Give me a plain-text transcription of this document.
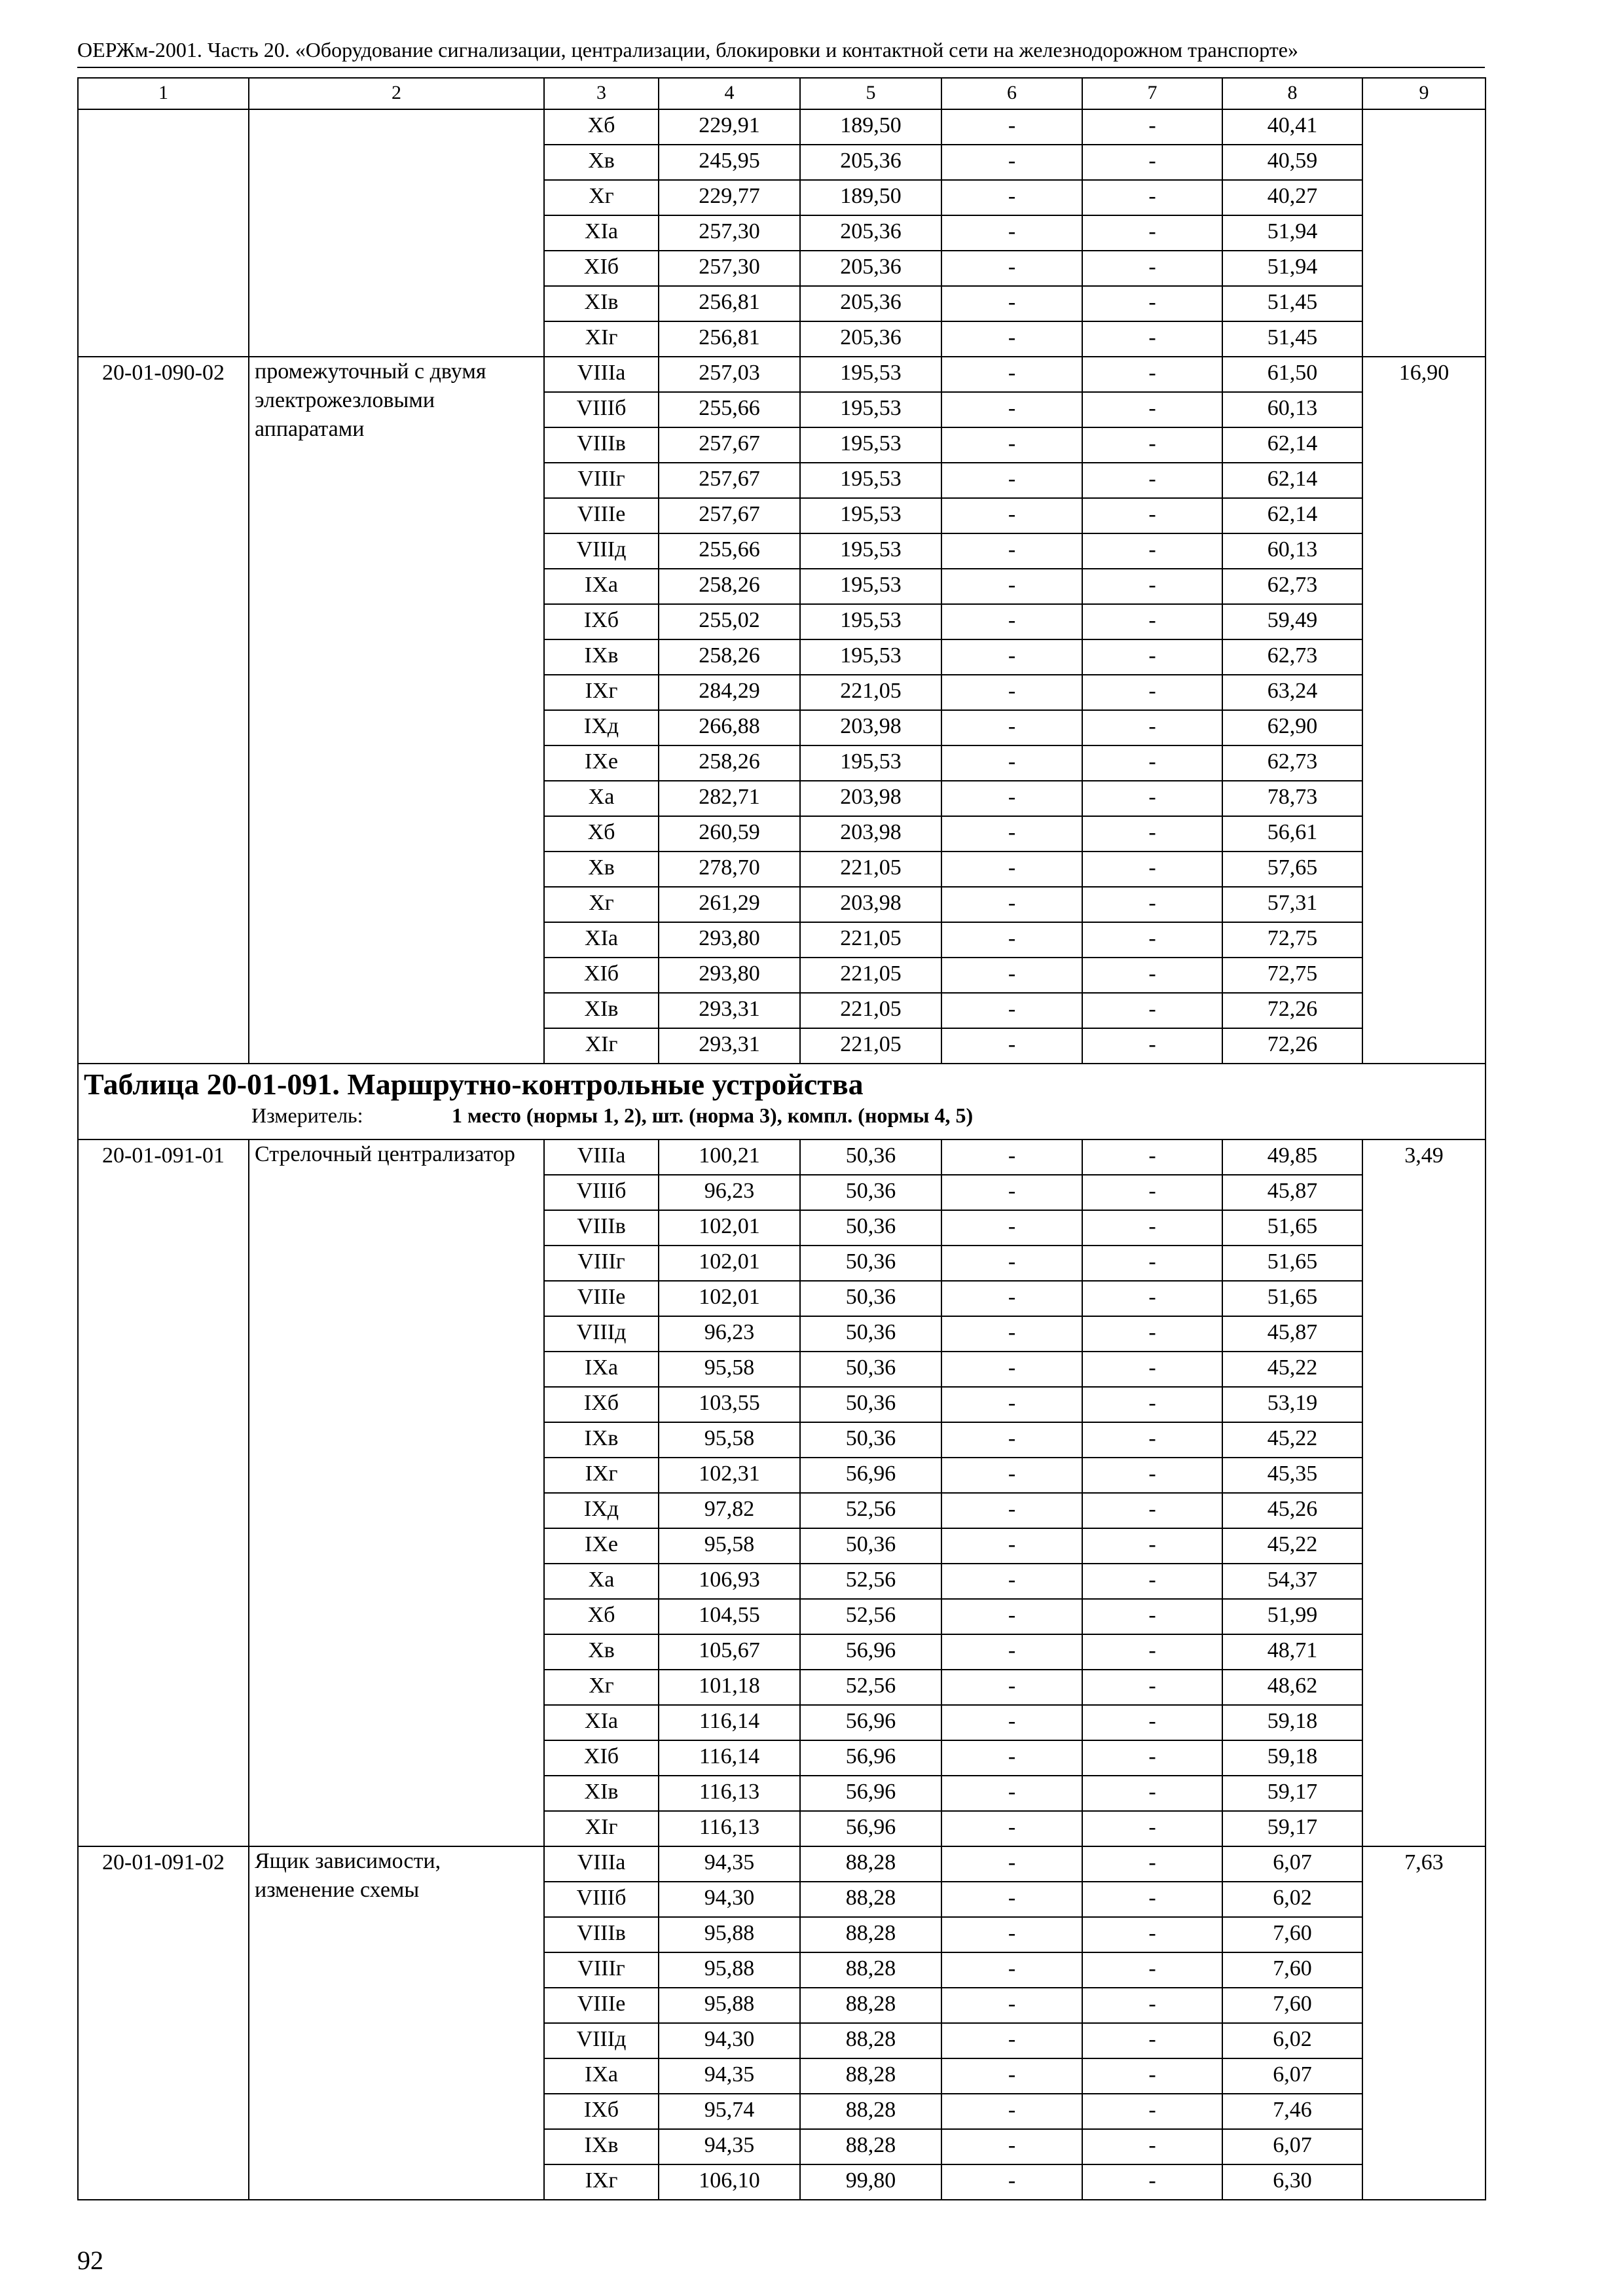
ОЕРЖм-2001. Часть 20. «Оборудование сигнализации, централизации, блокировки и контактной сети на железнодорожном транспорте»
1	2	3	4	5	6	7	8	9
		Хб	229,91	189,50	-	-	40,41	
		Хв	245,95	205,36	-	-	40,59	
		Хг	229,77	189,50	-	-	40,27	
		ХIа	257,30	205,36	-	-	51,94	
		ХIб	257,30	205,36	-	-	51,94	
		ХIв	256,81	205,36	-	-	51,45	
		ХIг	256,81	205,36	-	-	51,45	
20-01-090-02	промежуточный с двумя электрожезловыми аппаратами	VIIIа	257,03	195,53	-	-	61,50	16,90
		VIIIб	255,66	195,53	-	-	60,13	
		VIIIв	257,67	195,53	-	-	62,14	
		VIIIг	257,67	195,53	-	-	62,14	
		VIIIе	257,67	195,53	-	-	62,14	
		VIIIд	255,66	195,53	-	-	60,13	
		IХа	258,26	195,53	-	-	62,73	
		IХб	255,02	195,53	-	-	59,49	
		IХв	258,26	195,53	-	-	62,73	
		IХг	284,29	221,05	-	-	63,24	
		IХд	266,88	203,98	-	-	62,90	
		IХе	258,26	195,53	-	-	62,73	
		Ха	282,71	203,98	-	-	78,73	
		Хб	260,59	203,98	-	-	56,61	
		Хв	278,70	221,05	-	-	57,65	
		Хг	261,29	203,98	-	-	57,31	
		ХIа	293,80	221,05	-	-	72,75	
		ХIб	293,80	221,05	-	-	72,75	
		ХIв	293,31	221,05	-	-	72,26	
		ХIг	293,31	221,05	-	-	72,26	

Таблица 20-01-091. Маршрутно-контрольные устройства
Измеритель: 1 место (нормы 1, 2), шт. (норма 3), компл. (нормы 4, 5)								

20-01-091-01	Стрелочный централизатор	VIIIа	100,21	50,36	-	-	49,85	3,49
		VIIIб	96,23	50,36	-	-	45,87	
		VIIIв	102,01	50,36	-	-	51,65	
		VIIIг	102,01	50,36	-	-	51,65	
		VIIIе	102,01	50,36	-	-	51,65	
		VIIIд	96,23	50,36	-	-	45,87	
		IХа	95,58	50,36	-	-	45,22	
		IХб	103,55	50,36	-	-	53,19	
		IХв	95,58	50,36	-	-	45,22	
		IХг	102,31	56,96	-	-	45,35	
		IХд	97,82	52,56	-	-	45,26	
		IХе	95,58	50,36	-	-	45,22	
		Ха	106,93	52,56	-	-	54,37	
		Хб	104,55	52,56	-	-	51,99	
		Хв	105,67	56,96	-	-	48,71	
		Хг	101,18	52,56	-	-	48,62	
		ХIа	116,14	56,96	-	-	59,18	
		ХIб	116,14	56,96	-	-	59,18	
		ХIв	116,13	56,96	-	-	59,17	
		ХIг	116,13	56,96	-	-	59,17	
20-01-091-02	Ящик зависимости, изменение схемы	VIIIа	94,35	88,28	-	-	6,07	7,63
		VIIIб	94,30	88,28	-	-	6,02	
		VIIIв	95,88	88,28	-	-	7,60	
		VIIIг	95,88	88,28	-	-	7,60	
		VIIIе	95,88	88,28	-	-	7,60	
		VIIIд	94,30	88,28	-	-	6,02	
		IХа	94,35	88,28	-	-	6,07	
		IХб	95,74	88,28	-	-	7,46	
		IХв	94,35	88,28	-	-	6,07	
		IХг	106,10	99,80	-	-	6,30	
92
